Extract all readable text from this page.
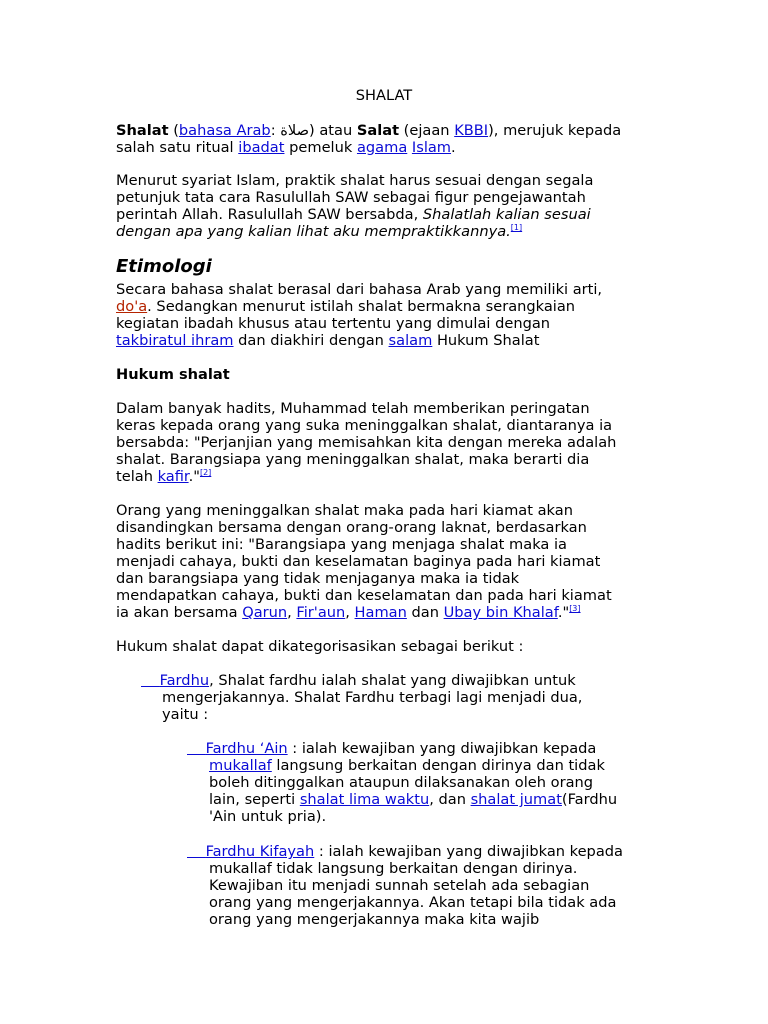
SHALAT
Shalat (bahasa Arab: صلاة) atau Salat (ejaan KBBI), merujuk kepada
salah satu ritual ibadat pemeluk agama Islam.
Menurut syariat Islam, praktik shalat harus sesuai dengan segala
petunjuk tata cara Rasulullah SAW sebagai figur pengejawantah
perintah Allah. Rasulullah SAW bersabda, Shalatlah kalian sesuai
dengan apa yang kalian lihat aku mempraktikkannya.[1]
Etimologi
Secara bahasa shalat berasal dari bahasa Arab yang memiliki arti,
do'a. Sedangkan menurut istilah shalat bermakna serangkaian
kegiatan ibadah khusus atau tertentu yang dimulai dengan
takbiratul ihram dan diakhiri dengan salam Hukum Shalat
Hukum shalat
Dalam banyak hadits, Muhammad telah memberikan peringatan
keras kepada orang yang suka meninggalkan shalat, diantaranya ia
bersabda: "Perjanjian yang memisahkan kita dengan mereka adalah
shalat. Barangsiapa yang meninggalkan shalat, maka berarti dia
telah kafir."[2]
Orang yang meninggalkan shalat maka pada hari kiamat akan
disandingkan bersama dengan orang-orang laknat, berdasarkan
hadits berikut ini: "Barangsiapa yang menjaga shalat maka ia
menjadi cahaya, bukti dan keselamatan baginya pada hari kiamat
dan barangsiapa yang tidak menjaganya maka ia tidak
mendapatkan cahaya, bukti dan keselamatan dan pada hari kiamat
ia akan bersama Qarun, Fir'aun, Haman dan Ubay bin Khalaf."[3]
Hukum shalat dapat dikategorisasikan sebagai berikut :
Fardhu, Shalat fardhu ialah shalat yang diwajibkan untuk
mengerjakannya. Shalat Fardhu terbagi lagi menjadi dua,
yaitu :
Fardhu ‘Ain : ialah kewajiban yang diwajibkan kepada
mukallaf langsung berkaitan dengan dirinya dan tidak
boleh ditinggalkan ataupun dilaksanakan oleh orang
lain, seperti shalat lima waktu, dan shalat jumat(Fardhu
'Ain untuk pria).
Fardhu Kifayah : ialah kewajiban yang diwajibkan kepada
mukallaf tidak langsung berkaitan dengan dirinya.
Kewajiban itu menjadi sunnah setelah ada sebagian
orang yang mengerjakannya. Akan tetapi bila tidak ada
orang yang mengerjakannya maka kita wajib
